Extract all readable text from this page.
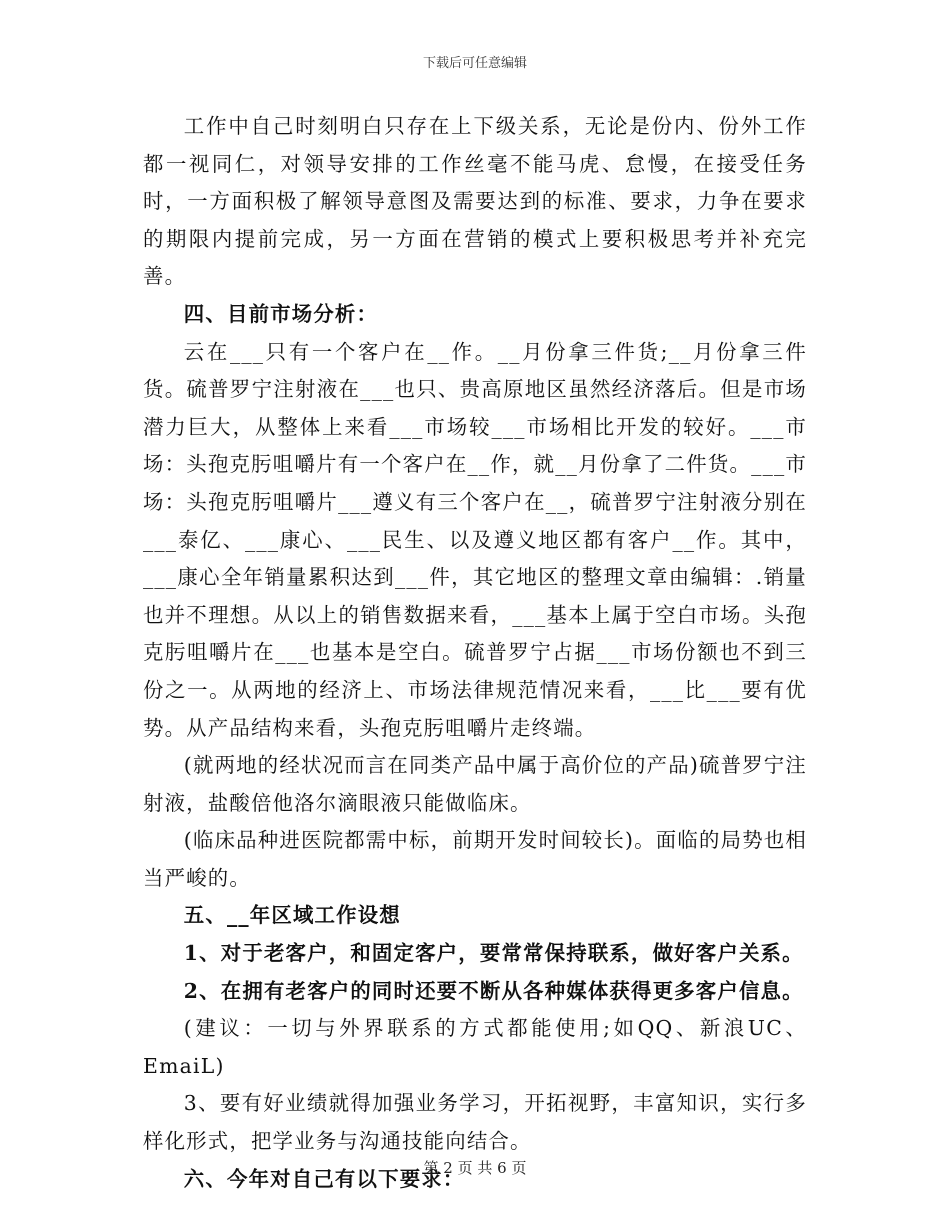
下载后可任意编辑

工作中自己时刻明白只存在上下级关系，无论是份内、份外工作都一视同仁，对领导安排的工作丝毫不能马虎、怠慢，在接受任务时，一方面积极了解领导意图及需要达到的标准、要求，力争在要求的期限内提前完成，另一方面在营销的模式上要积极思考并补充完善。

四、目前市场分析：

云在___只有一个客户在__作。__月份拿三件货;__月份拿三件货。硫普罗宁注射液在___也只、贵高原地区虽然经济落后。但是市场潜力巨大，从整体上来看___市场较___市场相比开发的较好。___市场：头孢克肟咀嚼片有一个客户在__作，就__月份拿了二件货。___市场：头孢克肟咀嚼片___遵义有三个客户在__，硫普罗宁注射液分别在___泰亿、___康心、___民生、以及遵义地区都有客户__作。其中，___康心全年销量累积达到___件，其它地区的整理文章由编辑：.销量也并不理想。从以上的销售数据来看，___基本上属于空白市场。头孢克肟咀嚼片在___也基本是空白。硫普罗宁占据___市场份额也不到三份之一。从两地的经济上、市场法律规范情况来看，___比___要有优势。从产品结构来看，头孢克肟咀嚼片走终端。

(就两地的经状况而言在同类产品中属于高价位的产品)硫普罗宁注射液，盐酸倍他洛尔滴眼液只能做临床。

(临床品种进医院都需中标，前期开发时间较长)。面临的局势也相当严峻的。

五、__年区域工作设想

1、对于老客户，和固定客户，要常常保持联系，做好客户关系。

2、在拥有老客户的同时还要不断从各种媒体获得更多客户信息。

(建议：一切与外界联系的方式都能使用;如QQ、新浪UC、EmaiL)

3、要有好业绩就得加强业务学习，开拓视野，丰富知识，实行多样化形式，把学业务与沟通技能向结合。

六、今年对自己有以下要求：

第 2 页 共 6 页
